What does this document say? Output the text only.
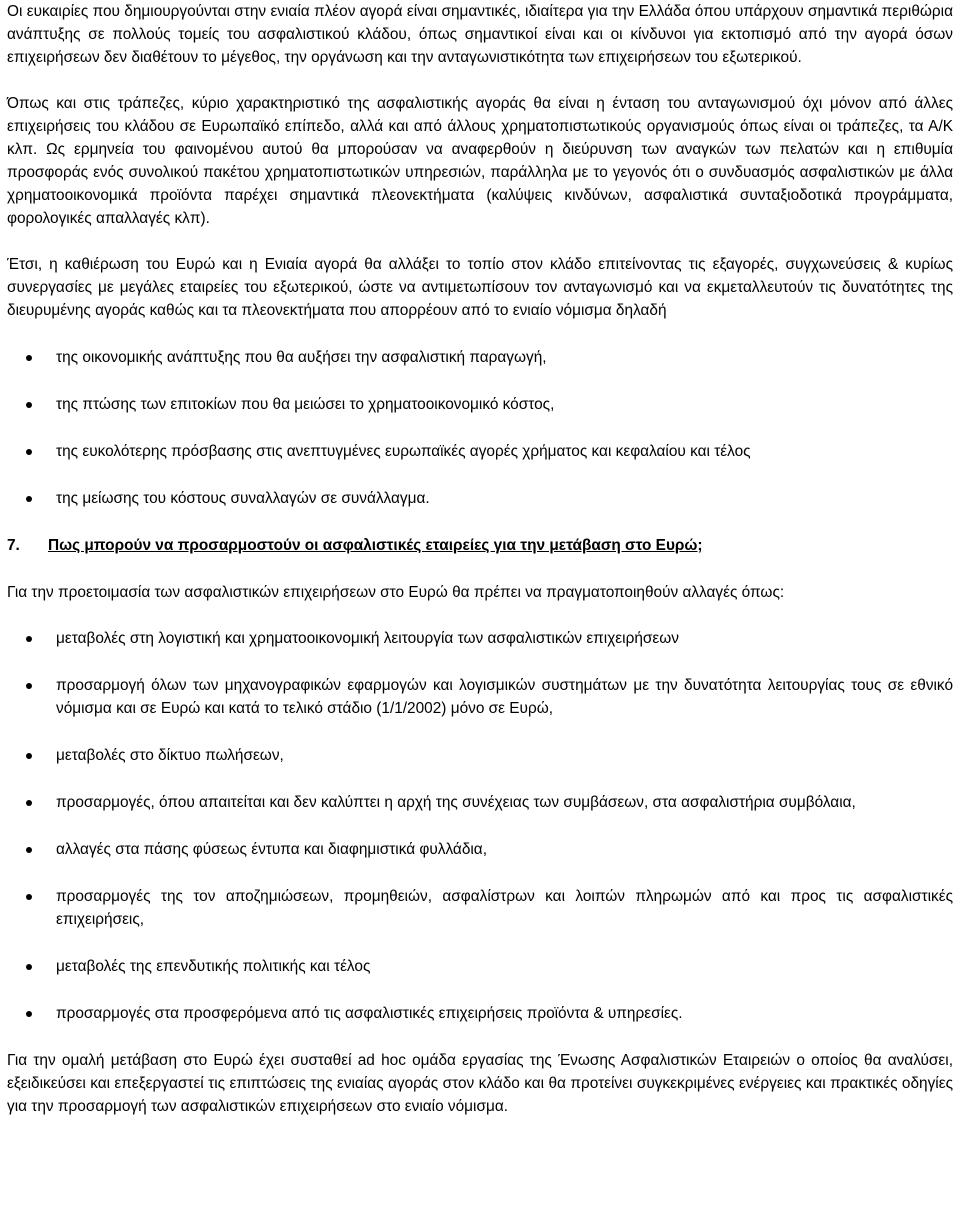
Οι ευκαιρίες που δημιουργούνται στην ενιαία πλέον αγορά είναι σημαντικές, ιδιαίτερα για την Ελλάδα όπου υπάρχουν σημαντικά περιθώρια ανάπτυξης σε πολλούς τομείς του ασφαλιστικού κλάδου, όπως σημαντικοί είναι και οι κίνδυνοι για εκτοπισμό από την αγορά όσων επιχειρήσεων δεν διαθέτουν το μέγεθος, την οργάνωση και την ανταγωνιστικότητα των επιχειρήσεων του εξωτερικού.

Όπως και στις τράπεζες, κύριο χαρακτηριστικό της ασφαλιστικής αγοράς θα είναι η ένταση του ανταγωνισμού όχι μόνον από άλλες επιχειρήσεις του κλάδου σε Ευρωπαϊκό επίπεδο, αλλά και από άλλους χρηματοπιστωτικούς οργανισμούς όπως είναι οι τράπεζες, τα Α/Κ κλπ. Ως ερμηνεία του φαινομένου αυτού θα μπορούσαν να αναφερθούν η διεύρυνση των αναγκών των πελατών και η επιθυμία προσφοράς ενός συνολικού πακέτου χρηματοπιστωτικών υπηρεσιών, παράλληλα με το γεγονός ότι ο συνδυασμός ασφαλιστικών με άλλα χρηματοοικονομικά προϊόντα παρέχει σημαντικά πλεονεκτήματα (καλύψεις κινδύνων, ασφαλιστικά συνταξιοδοτικά προγράμματα, φορολογικές απαλλαγές κλπ).

Έτσι, η καθιέρωση του Ευρώ και η Ενιαία αγορά θα αλλάξει το τοπίο στον κλάδο επιτείνοντας τις εξαγορές, συγχωνεύσεις & κυρίως συνεργασίες με μεγάλες εταιρείες του εξωτερικού, ώστε να αντιμετωπίσουν τον ανταγωνισμό και να εκμεταλλευτούν τις δυνατότητες της διευρυμένης αγοράς καθώς και τα πλεονεκτήματα που απορρέουν από το ενιαίο νόμισμα δηλαδή

της οικονομικής ανάπτυξης που θα αυξήσει την ασφαλιστική παραγωγή,
της πτώσης των επιτοκίων που θα μειώσει το χρηματοοικονομικό κόστος,
της ευκολότερης πρόσβασης στις ανεπτυγμένες ευρωπαϊκές αγορές χρήματος και κεφαλαίου και τέλος
της μείωσης του κόστους συναλλαγών σε συνάλλαγμα.

7. Πως μπορούν να προσαρμοστούν οι ασφαλιστικές εταιρείες για την μετάβαση στο Ευρώ;

Για την προετοιμασία των ασφαλιστικών επιχειρήσεων στο Ευρώ θα πρέπει να πραγματοποιηθούν αλλαγές όπως:

μεταβολές στη λογιστική και χρηματοοικονομική λειτουργία των ασφαλιστικών επιχειρήσεων
προσαρμογή όλων των μηχανογραφικών εφαρμογών και λογισμικών συστημάτων με την δυνατότητα λειτουργίας τους σε εθνικό νόμισμα και σε Ευρώ και κατά το τελικό στάδιο (1/1/2002) μόνο σε Ευρώ,
μεταβολές στο δίκτυο πωλήσεων,
προσαρμογές, όπου απαιτείται και δεν καλύπτει η αρχή της συνέχειας των συμβάσεων, στα ασφαλιστήρια συμβόλαια,
αλλαγές στα πάσης φύσεως έντυπα και διαφημιστικά φυλλάδια,
προσαρμογές της τον αποζημιώσεων, προμηθειών, ασφαλίστρων και λοιπών πληρωμών από και προς τις ασφαλιστικές επιχειρήσεις,
μεταβολές της επενδυτικής πολιτικής και τέλος
προσαρμογές στα προσφερόμενα από τις ασφαλιστικές επιχειρήσεις προϊόντα & υπηρεσίες.

Για την ομαλή μετάβαση στο Ευρώ έχει συσταθεί ad hoc ομάδα εργασίας της Ένωσης Ασφαλιστικών Εταιρειών ο οποίος θα αναλύσει, εξειδικεύσει και επεξεργαστεί τις επιπτώσεις της ενιαίας αγοράς στον κλάδο και θα προτείνει συγκεκριμένες ενέργειες και πρακτικές οδηγίες για την προσαρμογή των ασφαλιστικών επιχειρήσεων στο ενιαίο νόμισμα.
